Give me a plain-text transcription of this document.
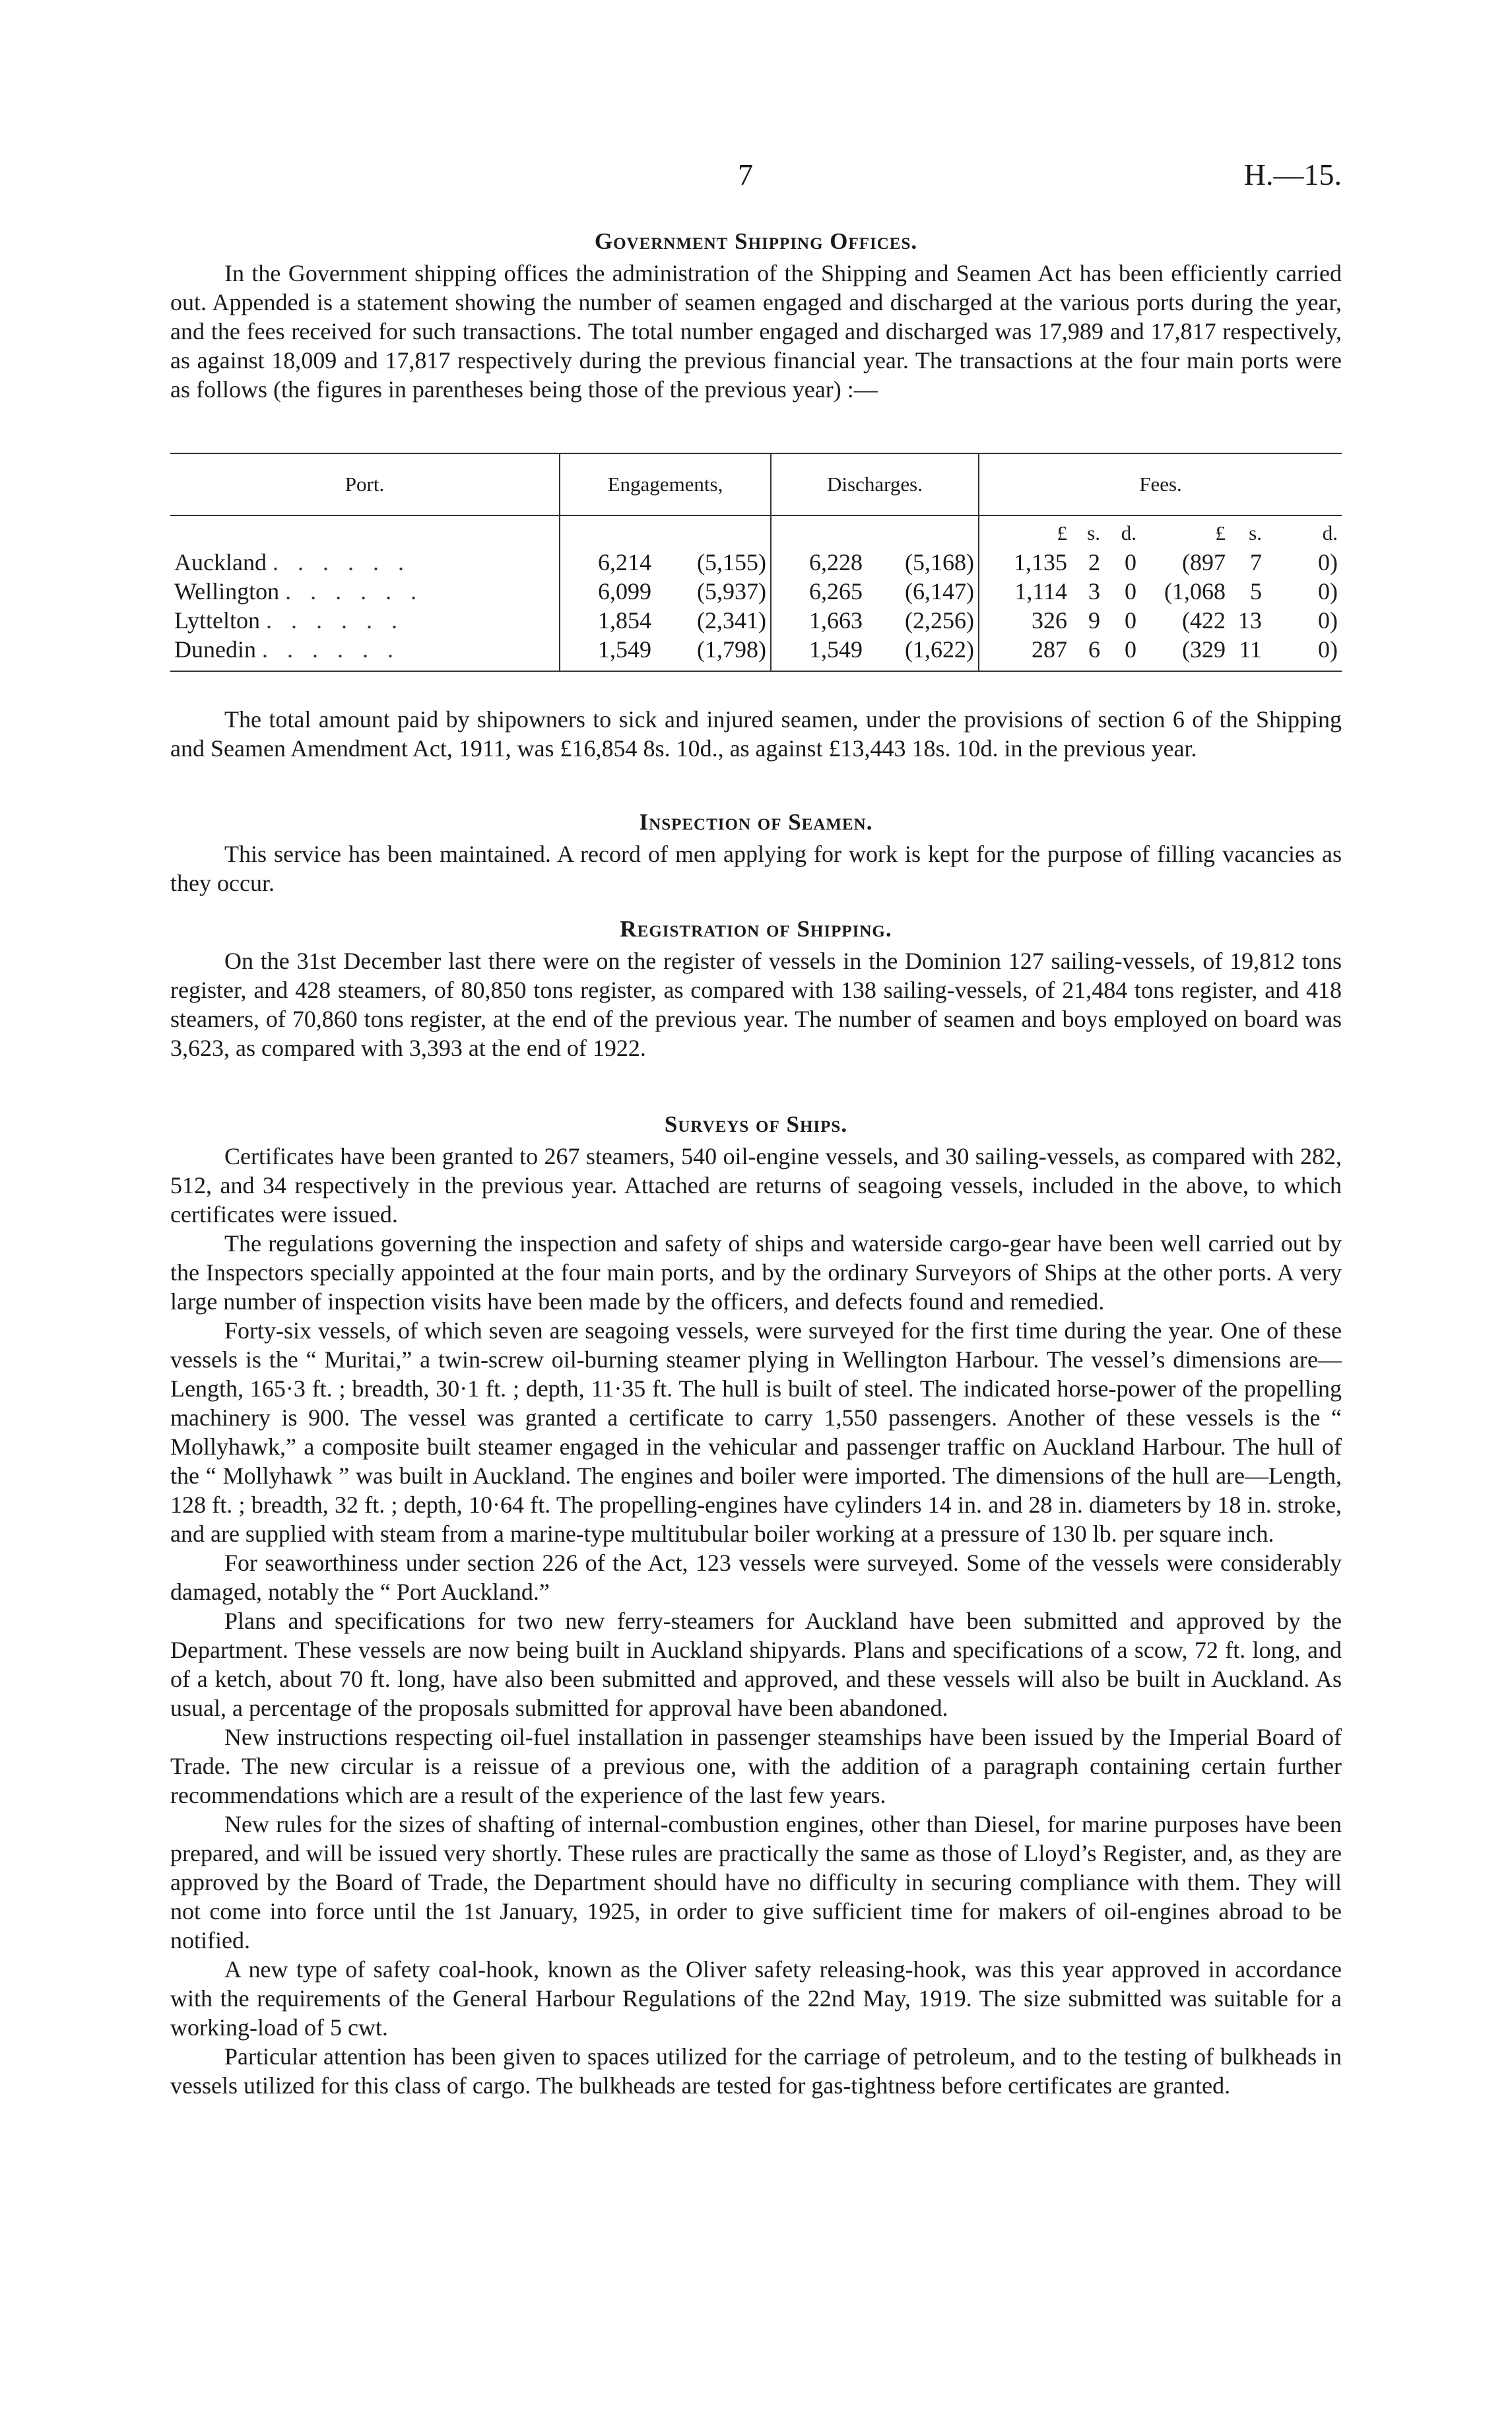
7	H.—15.
Government Shipping Offices.

In the Government shipping offices the administration of the Shipping and Seamen Act has been efficiently carried out. Appended is a statement showing the number of seamen engaged and discharged at the various ports during the year, and the fees received for such transactions. The total number engaged and discharged was 17,989 and 17,817 respectively, as against 18,009 and 17,817 respectively during the previous financial year. The transactions at the four main ports were as follows (the figures in parentheses being those of the previous year) :—

Port.	Engagements,		Discharges.		Fees.					
					£	s.	d.	£	s.	d.
Auckland . . . . . .	6,214	(5,155)	6,228	(5,168)	1,135	2	0	(897	7	0)
Wellington . . . . . .	6,099	(5,937)	6,265	(6,147)	1,114	3	0	(1,068	5	0)
Lyttelton . . . . . .	1,854	(2,341)	1,663	(2,256)	326	9	0	(422	13	0)
Dunedin . . . . . .	1,549	(1,798)	1,549	(1,622)	287	6	0	(329	11	0)

The total amount paid by shipowners to sick and injured seamen, under the provisions of section 6 of the Shipping and Seamen Amendment Act, 1911, was £16,854 8s. 10d., as against £13,443 18s. 10d. in the previous year.

Inspection of Seamen.

This service has been maintained. A record of men applying for work is kept for the purpose of filling vacancies as they occur.

Registration of Shipping.

On the 31st December last there were on the register of vessels in the Dominion 127 sailing-vessels, of 19,812 tons register, and 428 steamers, of 80,850 tons register, as compared with 138 sailing-vessels, of 21,484 tons register, and 418 steamers, of 70,860 tons register, at the end of the previous year. The number of seamen and boys employed on board was 3,623, as compared with 3,393 at the end of 1922.

Surveys of Ships.

Certificates have been granted to 267 steamers, 540 oil-engine vessels, and 30 sailing-vessels, as compared with 282, 512, and 34 respectively in the previous year. Attached are returns of seagoing vessels, included in the above, to which certificates were issued.

The regulations governing the inspection and safety of ships and waterside cargo-gear have been well carried out by the Inspectors specially appointed at the four main ports, and by the ordinary Surveyors of Ships at the other ports. A very large number of inspection visits have been made by the officers, and defects found and remedied.

Forty-six vessels, of which seven are seagoing vessels, were surveyed for the first time during the year. One of these vessels is the “ Muritai,” a twin-screw oil-burning steamer plying in Wellington Harbour. The vessel’s dimensions are—Length, 165·3 ft. ; breadth, 30·1 ft. ; depth, 11·35 ft. The hull is built of steel. The indicated horse-power of the propelling machinery is 900. The vessel was granted a certificate to carry 1,550 passengers. Another of these vessels is the “ Mollyhawk,” a composite built steamer engaged in the vehicular and passenger traffic on Auckland Harbour. The hull of the “ Mollyhawk ” was built in Auckland. The engines and boiler were imported. The dimensions of the hull are—Length, 128 ft. ; breadth, 32 ft. ; depth, 10·64 ft. The propelling-engines have cylinders 14 in. and 28 in. diameters by 18 in. stroke, and are supplied with steam from a marine-type multitubular boiler working at a pressure of 130 lb. per square inch.

For seaworthiness under section 226 of the Act, 123 vessels were surveyed. Some of the vessels were considerably damaged, notably the “ Port Auckland.”

Plans and specifications for two new ferry-steamers for Auckland have been submitted and approved by the Department. These vessels are now being built in Auckland shipyards. Plans and specifications of a scow, 72 ft. long, and of a ketch, about 70 ft. long, have also been submitted and approved, and these vessels will also be built in Auckland. As usual, a percentage of the proposals submitted for approval have been abandoned.

New instructions respecting oil-fuel installation in passenger steamships have been issued by the Imperial Board of Trade. The new circular is a reissue of a previous one, with the addition of a paragraph containing certain further recommendations which are a result of the experience of the last few years.

New rules for the sizes of shafting of internal-combustion engines, other than Diesel, for marine purposes have been prepared, and will be issued very shortly. These rules are practically the same as those of Lloyd’s Register, and, as they are approved by the Board of Trade, the Department should have no difficulty in securing compliance with them. They will not come into force until the 1st January, 1925, in order to give sufficient time for makers of oil-engines abroad to be notified.

A new type of safety coal-hook, known as the Oliver safety releasing-hook, was this year approved in accordance with the requirements of the General Harbour Regulations of the 22nd May, 1919. The size submitted was suitable for a working-load of 5 cwt.

Particular attention has been given to spaces utilized for the carriage of petroleum, and to the testing of bulkheads in vessels utilized for this class of cargo. The bulkheads are tested for gas-tightness before certificates are granted.
